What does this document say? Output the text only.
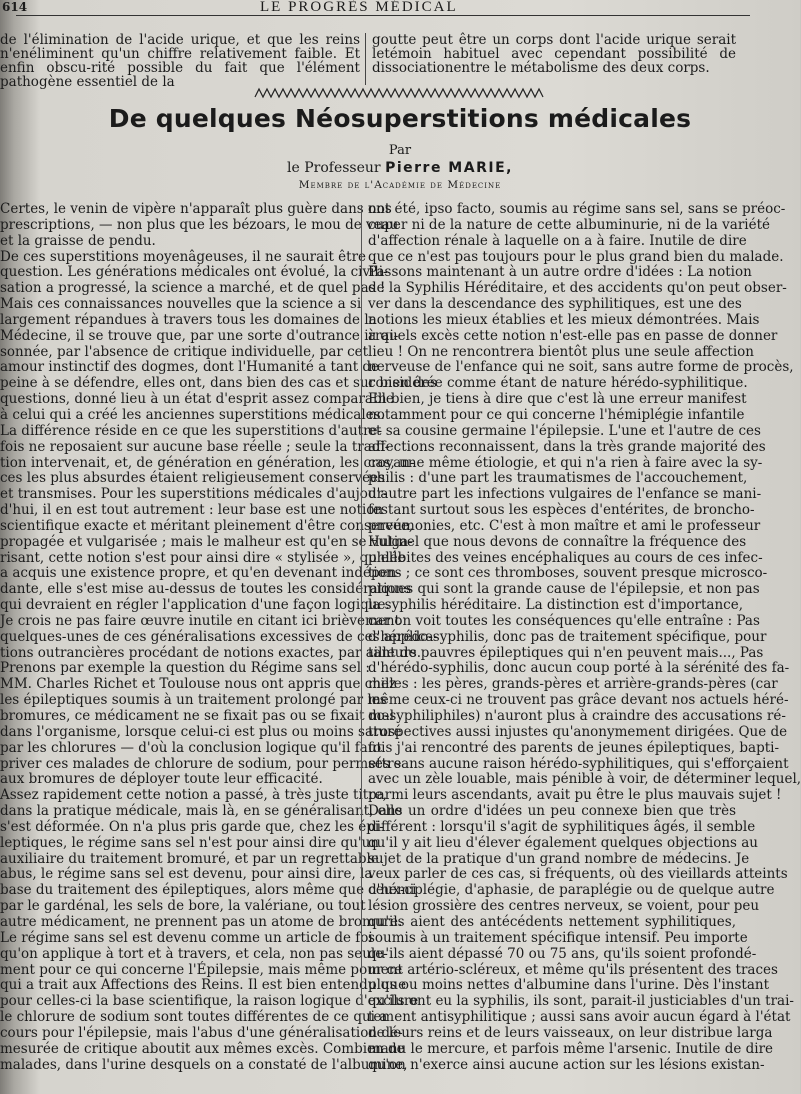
614	LE PROGRÈS MÉDICAL
de l'élimination de l'acide urique, et que les reins n'enéliminent qu'un chiffre relativement faible. Et enfin obscu-rité possible du fait que l'élément pathogène essentiel de la
goutte peut être un corps dont l'acide urique serait letémoin habituel avec cependant possibilité de dissociationentre le métabolisme des deux corps.
De quelques Néosuperstitions médicales
Par
le Professeur Pierre MARIE,
Membre de l'Académie de Médecine
Certes, le venin de vipère n'apparaît plus guère dans nos
prescriptions, — non plus que les bézoars, le mou de veau
et la graisse de pendu.
De ces superstitions moyenâgeuses, il ne saurait être
question. Les générations médicales ont évolué, la civili-
sation a progressé, la science a marché, et de quel pas !
Mais ces connaissances nouvelles que la science a si
largement répandues à travers tous les domaines de la
Médecine, il se trouve que, par une sorte d'outrance irrai-
sonnée, par l'absence de critique individuelle, par cet
amour instinctif des dogmes, dont l'Humanité a tant de
peine à se défendre, elles ont, dans bien des cas et sur bien des
questions, donné lieu à un état d'esprit assez comparable
à celui qui a créé les anciennes superstitions médicales.
La différence réside en ce que les superstitions d'autre-
fois ne reposaient sur aucune base réelle ; seule la tradi-
tion intervenait, et, de génération en génération, les croyan-
ces les plus absurdes étaient religieusement conservées
et transmises. Pour les superstitions médicales d'aujour-
d'hui, il en est tout autrement : leur base est une notion
scientifique exacte et méritant pleinement d'être conservée,
propagée et vulgarisée ; mais le malheur est qu'en se vulga-
risant, cette notion s'est pour ainsi dire « stylisée », qu'elle
a acquis une existence propre, et qu'en devenant indépen-
dante, elle s'est mise au-dessus de toutes les considérations
qui devraient en régler l'application d'une façon logique.
Je crois ne pas faire œuvre inutile en citant ici brièvement
quelques-unes de ces généralisations excessives de ces applica-
tions outrancières procédant de notions exactes, par ailleurs.
Prenons par exemple la question du Régime sans sel :
MM. Charles Richet et Toulouse nous ont appris que chez
les épileptiques soumis à un traitement prolongé par les
bromures, ce médicament ne se fixait pas ou se fixait mal
dans l'organisme, lorsque celui-ci est plus ou moins saturé
par les chlorures — d'où la conclusion logique qu'il faut
priver ces malades de chlorure de sodium, pour permettre
aux bromures de déployer toute leur efficacité.
Assez rapidement cette notion a passé, à très juste titre,
dans la pratique médicale, mais là, en se généralisant, elle
s'est déformée. On n'a plus pris garde que, chez les épi-
leptiques, le régime sans sel n'est pour ainsi dire qu'un
auxiliaire du traitement bromuré, et par un regrettable
abus, le régime sans sel est devenu, pour ainsi dire, la
base du traitement des épileptiques, alors même que ceux-ci
par le gardénal, les sels de bore, la valériane, ou tout
autre médicament, ne prennent pas un atome de bromure.
Le régime sans sel est devenu comme un article de foi
qu'on applique à tort et à travers, et cela, non pas seule-
ment pour ce qui concerne l'Épilepsie, mais même pour ce
qui a trait aux Affections des Reins. Il est bien entendu que
pour celles-ci la base scientifique, la raison logique d'exclure
le chlorure de sodium sont toutes différentes de ce qui a
cours pour l'épilepsie, mais l'abus d'une généralisation dé-
mesurée de critique aboutit aux mêmes excès. Combien de
malades, dans l'urine desquels on a constaté de l'albumine,
ont été, ipso facto, soumis au régime sans sel, sans se préoc-
cuper ni de la nature de cette albuminurie, ni de la variété
d'affection rénale à laquelle on a à faire. Inutile de dire
que ce n'est pas toujours pour le plus grand bien du malade.
Passons maintenant à un autre ordre d'idées : La notion
de la Syphilis Héréditaire, et des accidents qu'on peut obser-
ver dans la descendance des syphilitiques, est une des
notions les mieux établies et les mieux démontrées. Mais
à quels excès cette notion n'est-elle pas en passe de donner
lieu ! On ne rencontrera bientôt plus une seule affection
nerveuse de l'enfance qui ne soit, sans autre forme de procès,
considérée comme étant de nature hérédo-syphilitique.
Eh bien, je tiens à dire que c'est là une erreur manifest
notamment pour ce qui concerne l'hémiplégie infantile
et sa cousine germaine l'épilepsie. L'une et l'autre de ces
affections reconnaissent, dans la très grande majorité des
cas, une même étiologie, et qui n'a rien à faire avec la sy-
philis : d'une part les traumatismes de l'accouchement,
d'autre part les infections vulgaires de l'enfance se mani-
festant surtout sous les espèces d'entérites, de broncho-
pneumonies, etc. C'est à mon maître et ami le professeur
Hutinel que nous devons de connaître la fréquence des
phlébites des veines encéphaliques au cours de ces infec-
tions ; ce sont ces thromboses, souvent presque microsco-
piques qui sont la grande cause de l'épilepsie, et non pas
la syphilis héréditaire. La distinction est d'importance,
car on voit toutes les conséquences qu'elle entraîne : Pas
d'hérédo-syphilis, donc pas de traitement spécifique, pour
tant de pauvres épileptiques qui n'en peuvent mais..., Pas
d'hérédo-syphilis, donc aucun coup porté à la sérénité des fa-
milles : les pères, grands-pères et arrière-grands-pères (car
même ceux-ci ne trouvent pas grâce devant nos actuels héré-
do-syphiliphiles) n'auront plus à craindre des accusations ré-
trospectives aussi injustes qu'anonymement dirigées. Que de
fois j'ai rencontré des parents de jeunes épileptiques, bapti-
sés sans aucune raison hérédo-syphilitiques, qui s'efforçaient
avec un zèle louable, mais pénible à voir, de déterminer lequel,
parmi leurs ascendants, avait pu être le plus mauvais sujet !
Dans un ordre d'idées un peu connexe bien que très
différent : lorsqu'il s'agit de syphilitiques âgés, il semble
qu'il y ait lieu d'élever également quelques objections au
sujet de la pratique d'un grand nombre de médecins. Je
veux parler de ces cas, si fréquents, où des vieillards atteints
d'hémiplégie, d'aphasie, de paraplégie ou de quelque autre
lésion grossière des centres nerveux, se voient, pour peu
qu'ils aient des antécédents nettement syphilitiques,
soumis à un traitement spécifique intensif. Peu importe
qu'ils aient dépassé 70 ou 75 ans, qu'ils soient profondé-
ment artério-scléreux, et même qu'ils présentent des traces
plus ou moins nettes d'albumine dans l'urine. Dès l'instant
qu'ils ont eu la syphilis, ils sont, parait-il justiciables d'un trai-
tement antisyphilitique ; aussi sans avoir aucun égard à l'état
de leurs reins et de leurs vaisseaux, on leur distribue larga
manu le mercure, et parfois même l'arsenic. Inutile de dire
qu'on n'exerce ainsi aucune action sur les lésions existan-
